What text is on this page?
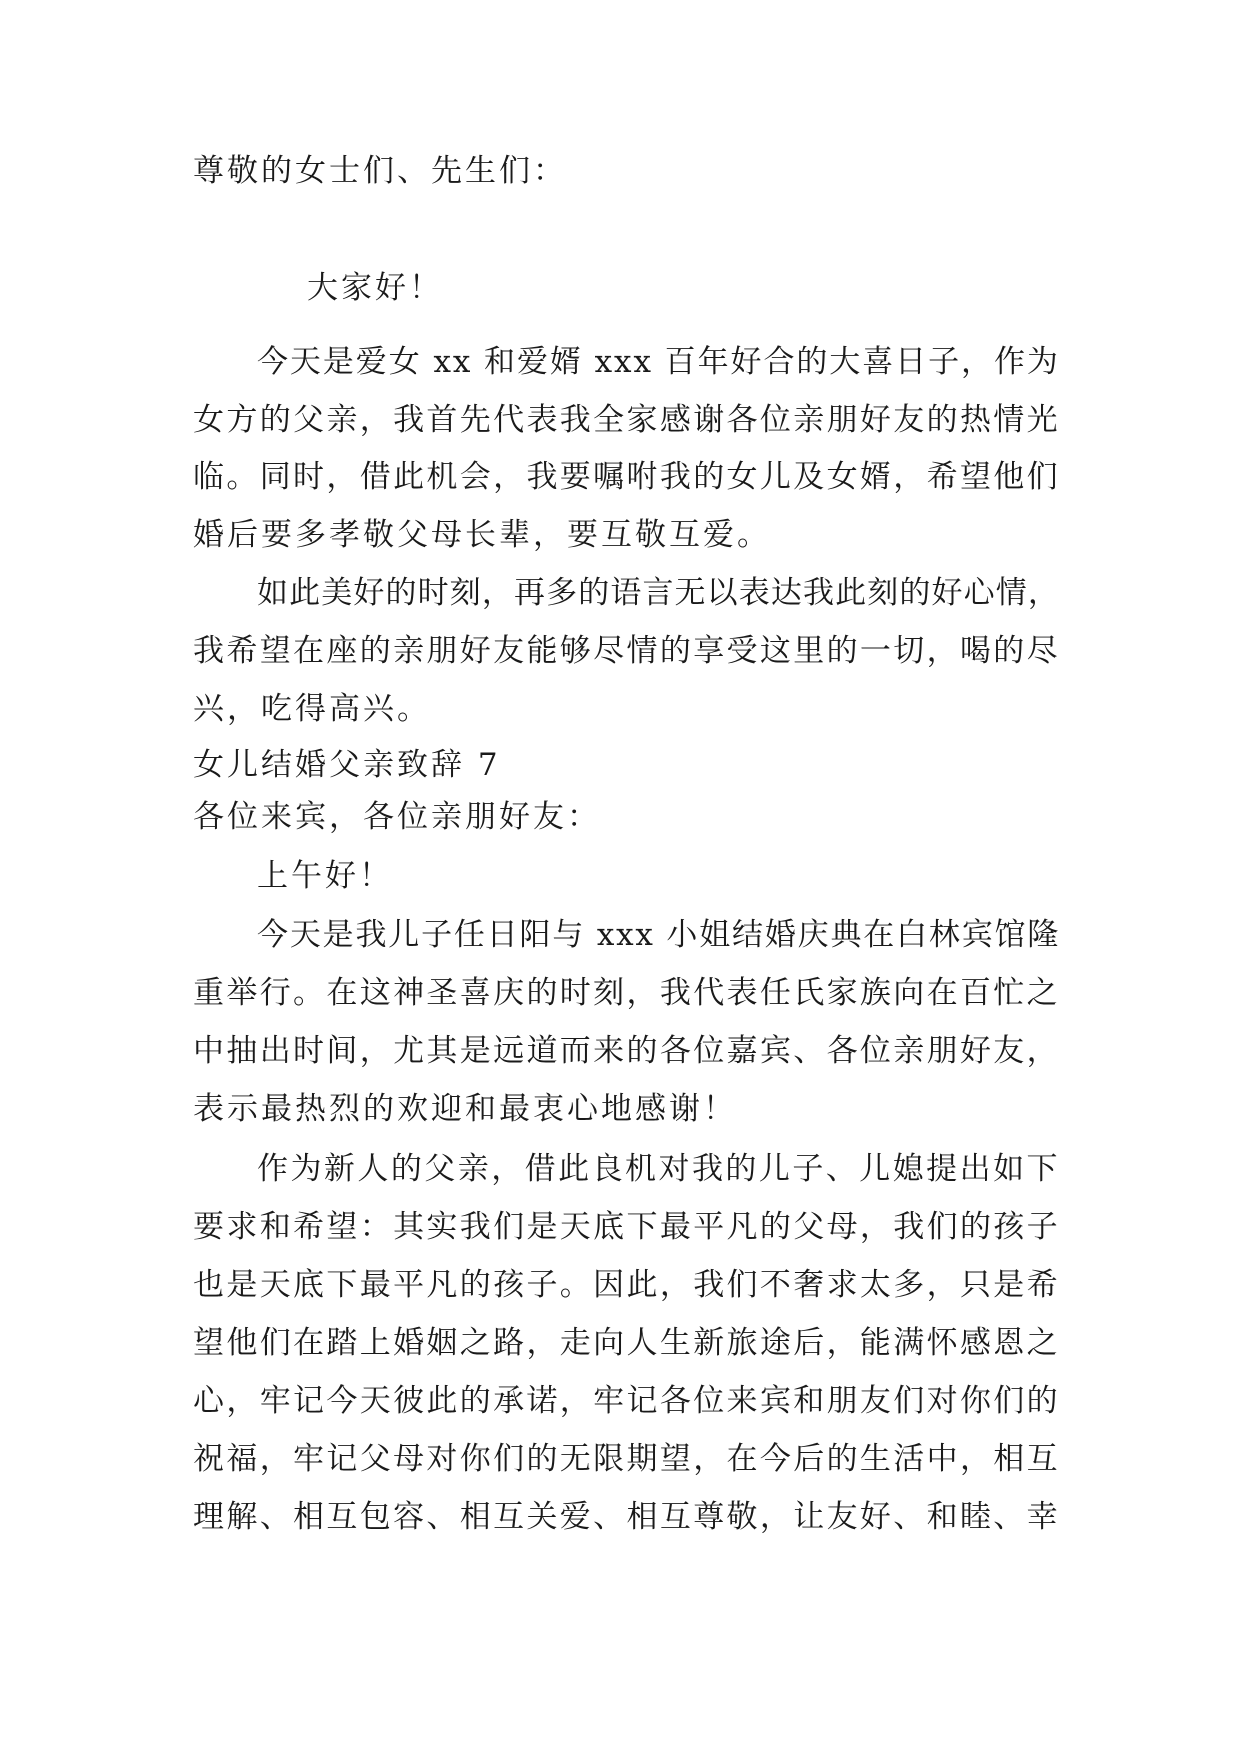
尊敬的女士们、先生们：
大家好！
今天是爱女 xx 和爱婿 xxx 百年好合的大喜日子，作为
女方的父亲，我首先代表我全家感谢各位亲朋好友的热情光
临。同时，借此机会，我要嘱咐我的女儿及女婿，希望他们
婚后要多孝敬父母长辈，要互敬互爱。
如此美好的时刻，再多的语言无以表达我此刻的好心情，
我希望在座的亲朋好友能够尽情的享受这里的一切，喝的尽
兴，吃得高兴。
女儿结婚父亲致辞 7
各位来宾，各位亲朋好友：
上午好！
今天是我儿子任日阳与 xxx 小姐结婚庆典在白林宾馆隆
重举行。在这神圣喜庆的时刻，我代表任氏家族向在百忙之
中抽出时间，尤其是远道而来的各位嘉宾、各位亲朋好友，
表示最热烈的欢迎和最衷心地感谢！
作为新人的父亲，借此良机对我的儿子、儿媳提出如下
要求和希望：其实我们是天底下最平凡的父母，我们的孩子
也是天底下最平凡的孩子。因此，我们不奢求太多，只是希
望他们在踏上婚姻之路，走向人生新旅途后，能满怀感恩之
心，牢记今天彼此的承诺，牢记各位来宾和朋友们对你们的
祝福，牢记父母对你们的无限期望，在今后的生活中，相互
理解、相互包容、相互关爱、相互尊敬，让友好、和睦、幸
